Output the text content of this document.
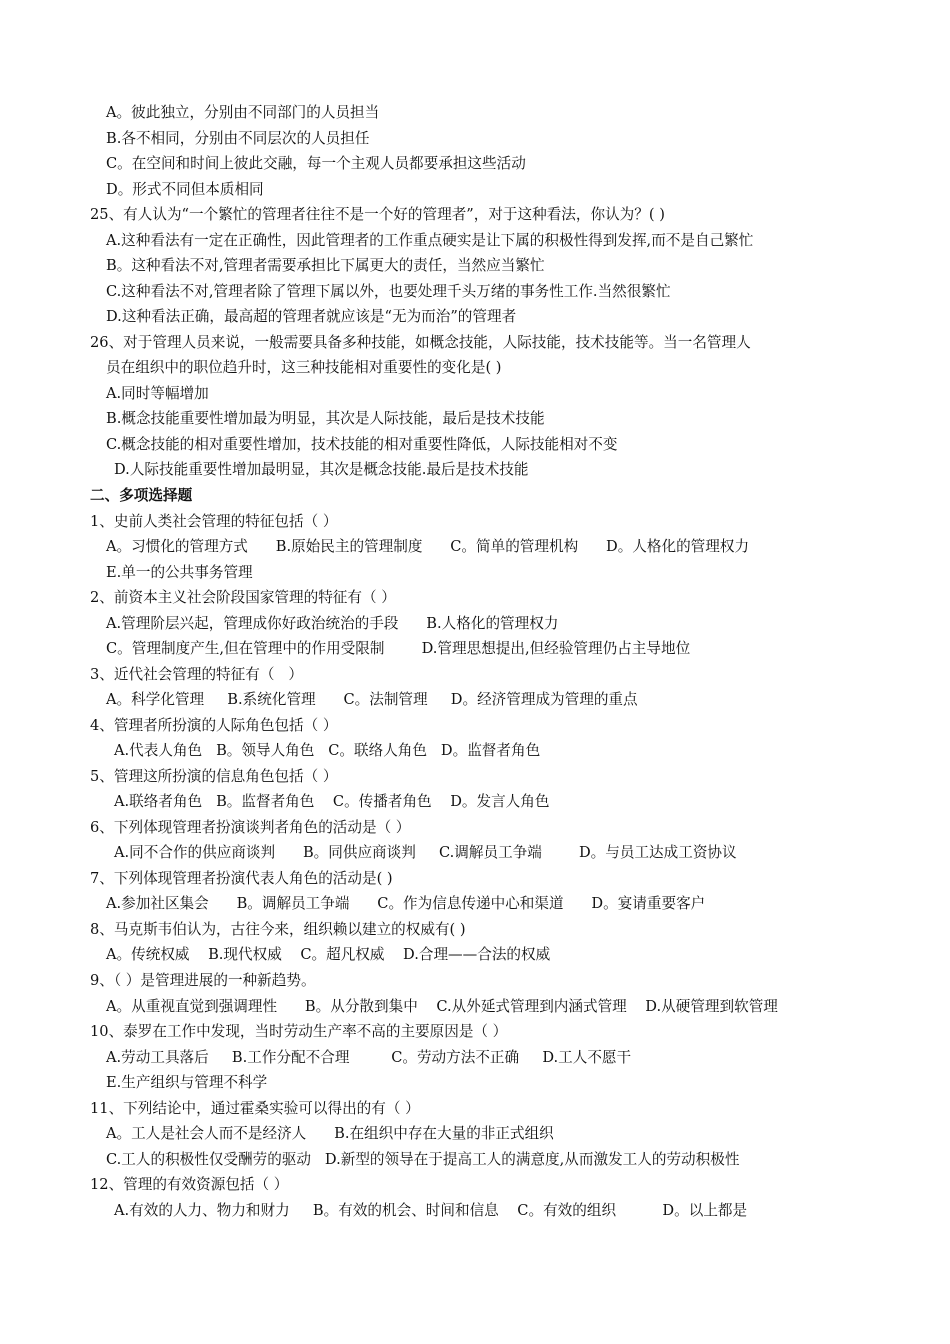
A。彼此独立，分别由不同部门的人员担当
B.各不相同，分别由不同层次的人员担任
C。在空间和时间上彼此交融，每一个主观人员都要承担这些活动
D。形式不同但本质相同
25、有人认为“一个繁忙的管理者往往不是一个好的管理者”，对于这种看法，你认为？( )
A.这种看法有一定在正确性，因此管理者的工作重点硬实是让下属的积极性得到发挥,而不是自己繁忙
B。这种看法不对,管理者需要承担比下属更大的责任，当然应当繁忙
C.这种看法不对,管理者除了管理下属以外，也要处理千头万绪的事务性工作.当然很繁忙
D.这种看法正确，最高超的管理者就应该是“无为而治”的管理者
26、对于管理人员来说，一般需要具备多种技能，如概念技能，人际技能，技术技能等。当一名管理人
员在组织中的职位趋升时，这三种技能相对重要性的变化是( )
A.同时等幅增加
B.概念技能重要性增加最为明显，其次是人际技能，最后是技术技能
C.概念技能的相对重要性增加，技术技能的相对重要性降低，人际技能相对不变
D.人际技能重要性增加最明显，其次是概念技能.最后是技术技能
二、多项选择题
1、史前人类社会管理的特征包括（ ）
A。习惯化的管理方式      B.原始民主的管理制度      C。简单的管理机构      D。人格化的管理权力
E.单一的公共事务管理
2、前资本主义社会阶段国家管理的特征有（ ）
A.管理阶层兴起，管理成你好政治统治的手段      B.人格化的管理权力
C。管理制度产生,但在管理中的作用受限制        D.管理思想提出,但经验管理仍占主导地位
3、近代社会管理的特征有（   ）
A。科学化管理     B.系统化管理      C。法制管理     D。经济管理成为管理的重点
4、管理者所扮演的人际角色包括（ ）
A.代表人角色   B。领导人角色   C。联络人角色   D。监督者角色
5、管理这所扮演的信息角色包括（ ）
A.联络者角色   B。监督者角色    C。传播者角色    D。发言人角色
6、下列体现管理者扮演谈判者角色的活动是（ ）
A.同不合作的供应商谈判      B。同供应商谈判     C.调解员工争端        D。与员工达成工资协议
7、下列体现管理者扮演代表人角色的活动是( )
A.参加社区集会      B。调解员工争端      C。作为信息传递中心和渠道      D。宴请重要客户
8、马克斯韦伯认为，古往今来，组织赖以建立的权威有( )
A。传统权威    B.现代权威    C。超凡权威    D.合理——合法的权威
9、（ ）是管理进展的一种新趋势。
A。从重视直觉到强调理性      B。从分散到集中    C.从外延式管理到内涵式管理    D.从硬管理到软管理
10、泰罗在工作中发现，当时劳动生产率不高的主要原因是（ ）
A.劳动工具落后     B.工作分配不合理         C。劳动方法不正确     D.工人不愿干
E.生产组织与管理不科学
11、下列结论中，通过霍桑实验可以得出的有（ ）
A。工人是社会人而不是经济人      B.在组织中存在大量的非正式组织
C.工人的积极性仅受酬劳的驱动   D.新型的领导在于提高工人的满意度,从而激发工人的劳动积极性
12、管理的有效资源包括（ ）
A.有效的人力、物力和财力     B。有效的机会、时间和信息    C。有效的组织          D。以上都是
